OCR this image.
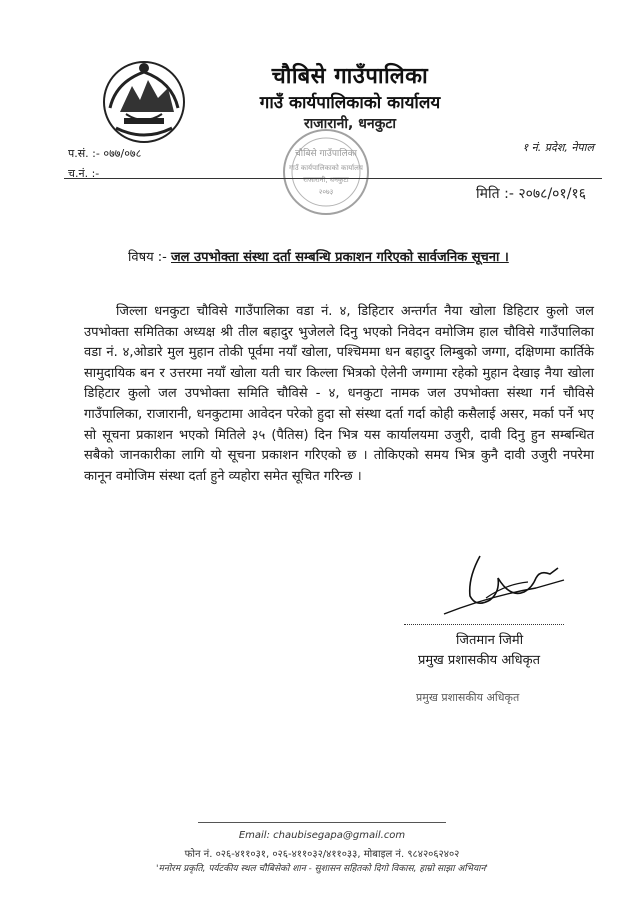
चौबिसे गाउँपालिका
गाउँ कार्यपालिकाको कार्यालय
राजारानी, धनकुटा
प.सं. :- ०७७/०७८
च.नं. :-
१ नं. प्रदेश, नेपाल
चौबिसे गाउँपालिका
गाउँ कार्यपालिकाको कार्यालय
राजारानी, धनकुटा
२०७३	मिति :- २०७८/०१/१६
विषय :- जल उपभोक्ता संस्था दर्ता सम्बन्धि प्रकाशन गरिएको सार्वजनिक सूचना ।
जिल्ला धनकुटा चौविसे गाउँपालिका वडा नं. ४, डिहिटार अन्तर्गत नैया खोला डिहिटार कुलो जल उपभोक्ता समितिका अध्यक्ष श्री तील बहादुर भुजेलले दिनु भएको निवेदन वमोजिम हाल चौविसे गाउँपालिका वडा नं. ४,ओडारे मुल मुहान तोकी पूर्वमा नयाँ खोला, पश्चिममा धन बहादुर लिम्बुको जग्गा, दक्षिणमा कार्तिके सामुदायिक बन र उत्तरमा नयाँ खोला यती चार किल्ला भित्रको ऐलेनी जग्गामा रहेको मुहान देखाइ नैया खोला डिहिटार कुलो जल उपभोक्ता समिति चौविसे - ४, धनकुटा नामक जल उपभोक्ता संस्था गर्न चौविसे गाउँपालिका, राजारानी, धनकुटामा आवेदन परेको हुदा सो संस्था दर्ता गर्दा कोही कसैलाई असर, मर्का पर्ने भए सो सूचना प्रकाशन भएको मितिले ३५ (पैतिस) दिन भित्र यस कार्यालयमा उजुरी, दावी दिनु हुन सम्बन्धित सबैको जानकारीका लागि यो सूचना प्रकाशन गरिएको छ । तोकिएको समय भित्र कुनै दावी उजुरी नपरेमा कानून वमोजिम संस्था दर्ता हुने व्यहोरा समेत सूचित गरिन्छ ।
जितमान जिमी
प्रमुख प्रशासकीय अधिकृत
प्रमुख प्रशासकीय अधिकृत
Email: chaubisegapa@gmail.com
फोन नं. ०२६-४११०३१, ०२६-४११०३२/४११०३३, मोबाइल नं. ९८४२०६२४०२
'मनोरम प्रकृति, पर्यटकीय स्थल चौबिसेको शान - सुशासन सहितको दिगो विकास, हाम्रो साझा अभियान'
